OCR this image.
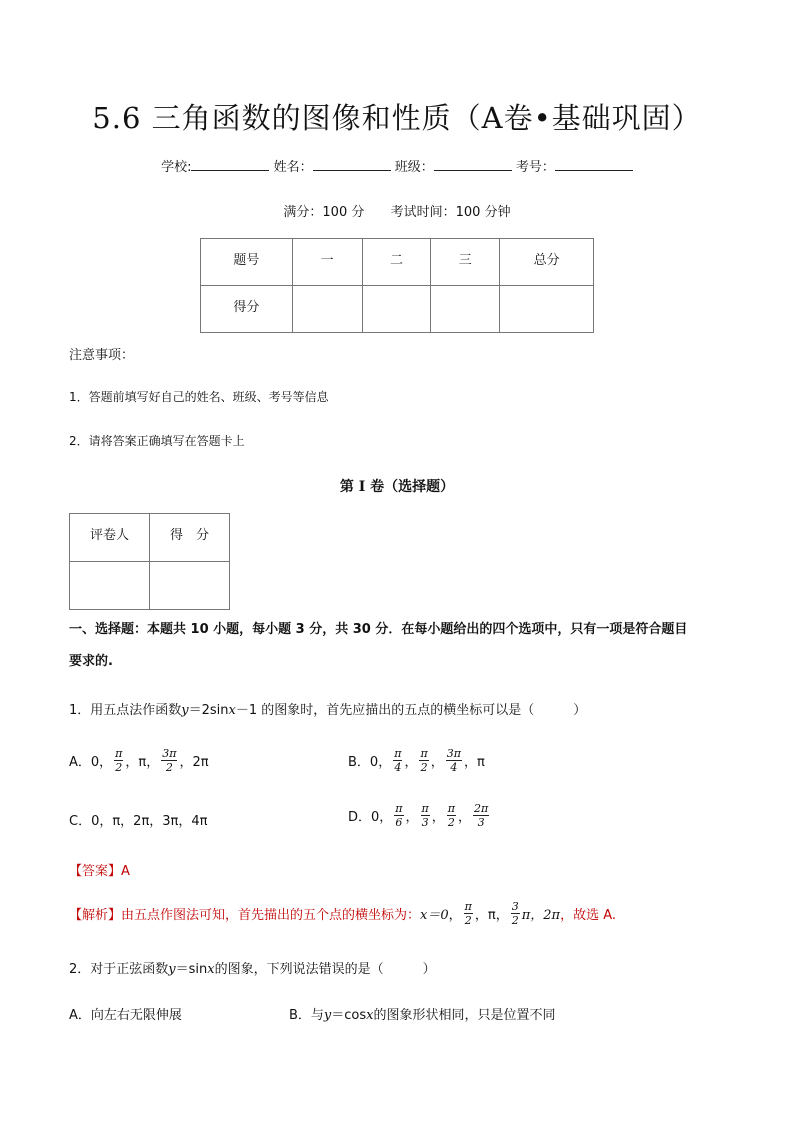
5.6 三角函数的图像和性质（A卷•基础巩固）
学校:	姓名：	班级：	考号：
满分：100 分 考试时间：100 分钟
题号	一	二	三	总分
得分				
注意事项：
1．答题前填写好自己的姓名、班级、考号等信息
2．请将答案正确填写在答题卡上
第 I 卷（选择题）
评卷人	得　分

一、选择题：本题共 10 小题，每小题 3 分，共 30 分．在每小题给出的四个选项中，只有一项是符合题目
要求的.
1．用五点法作函数y＝2sinx－1 的图象时，首先应描出的五点的横坐标可以是（　　　）
A．0， $\frac{\pi}{2}$ ，π， $\frac{3\pi}{2}$ ，2π	B．0， $\frac{\pi}{4}$ ， $\frac{\pi}{2}$ ， $\frac{3\pi}{4}$ ，π
C．0，π，2π，3π，4π	D．0， $\frac{\pi}{6}$ ， $\frac{\pi}{3}$ ， $\frac{\pi}{2}$ ， $\frac{2\pi}{3}$
【答案】A
【解析】 由五点作图法可知，首先描出的五个点的横坐标为： x＝0 ， $\frac{\pi}{2}$ ，π， $\frac{3}{2}$ π，2π ，故选 A.
2．对于正弦函数y＝sinx的图象，下列说法错误的是（　　　）
A．向左右无限伸展	B．与y＝cosx的图象形状相同，只是位置不同
